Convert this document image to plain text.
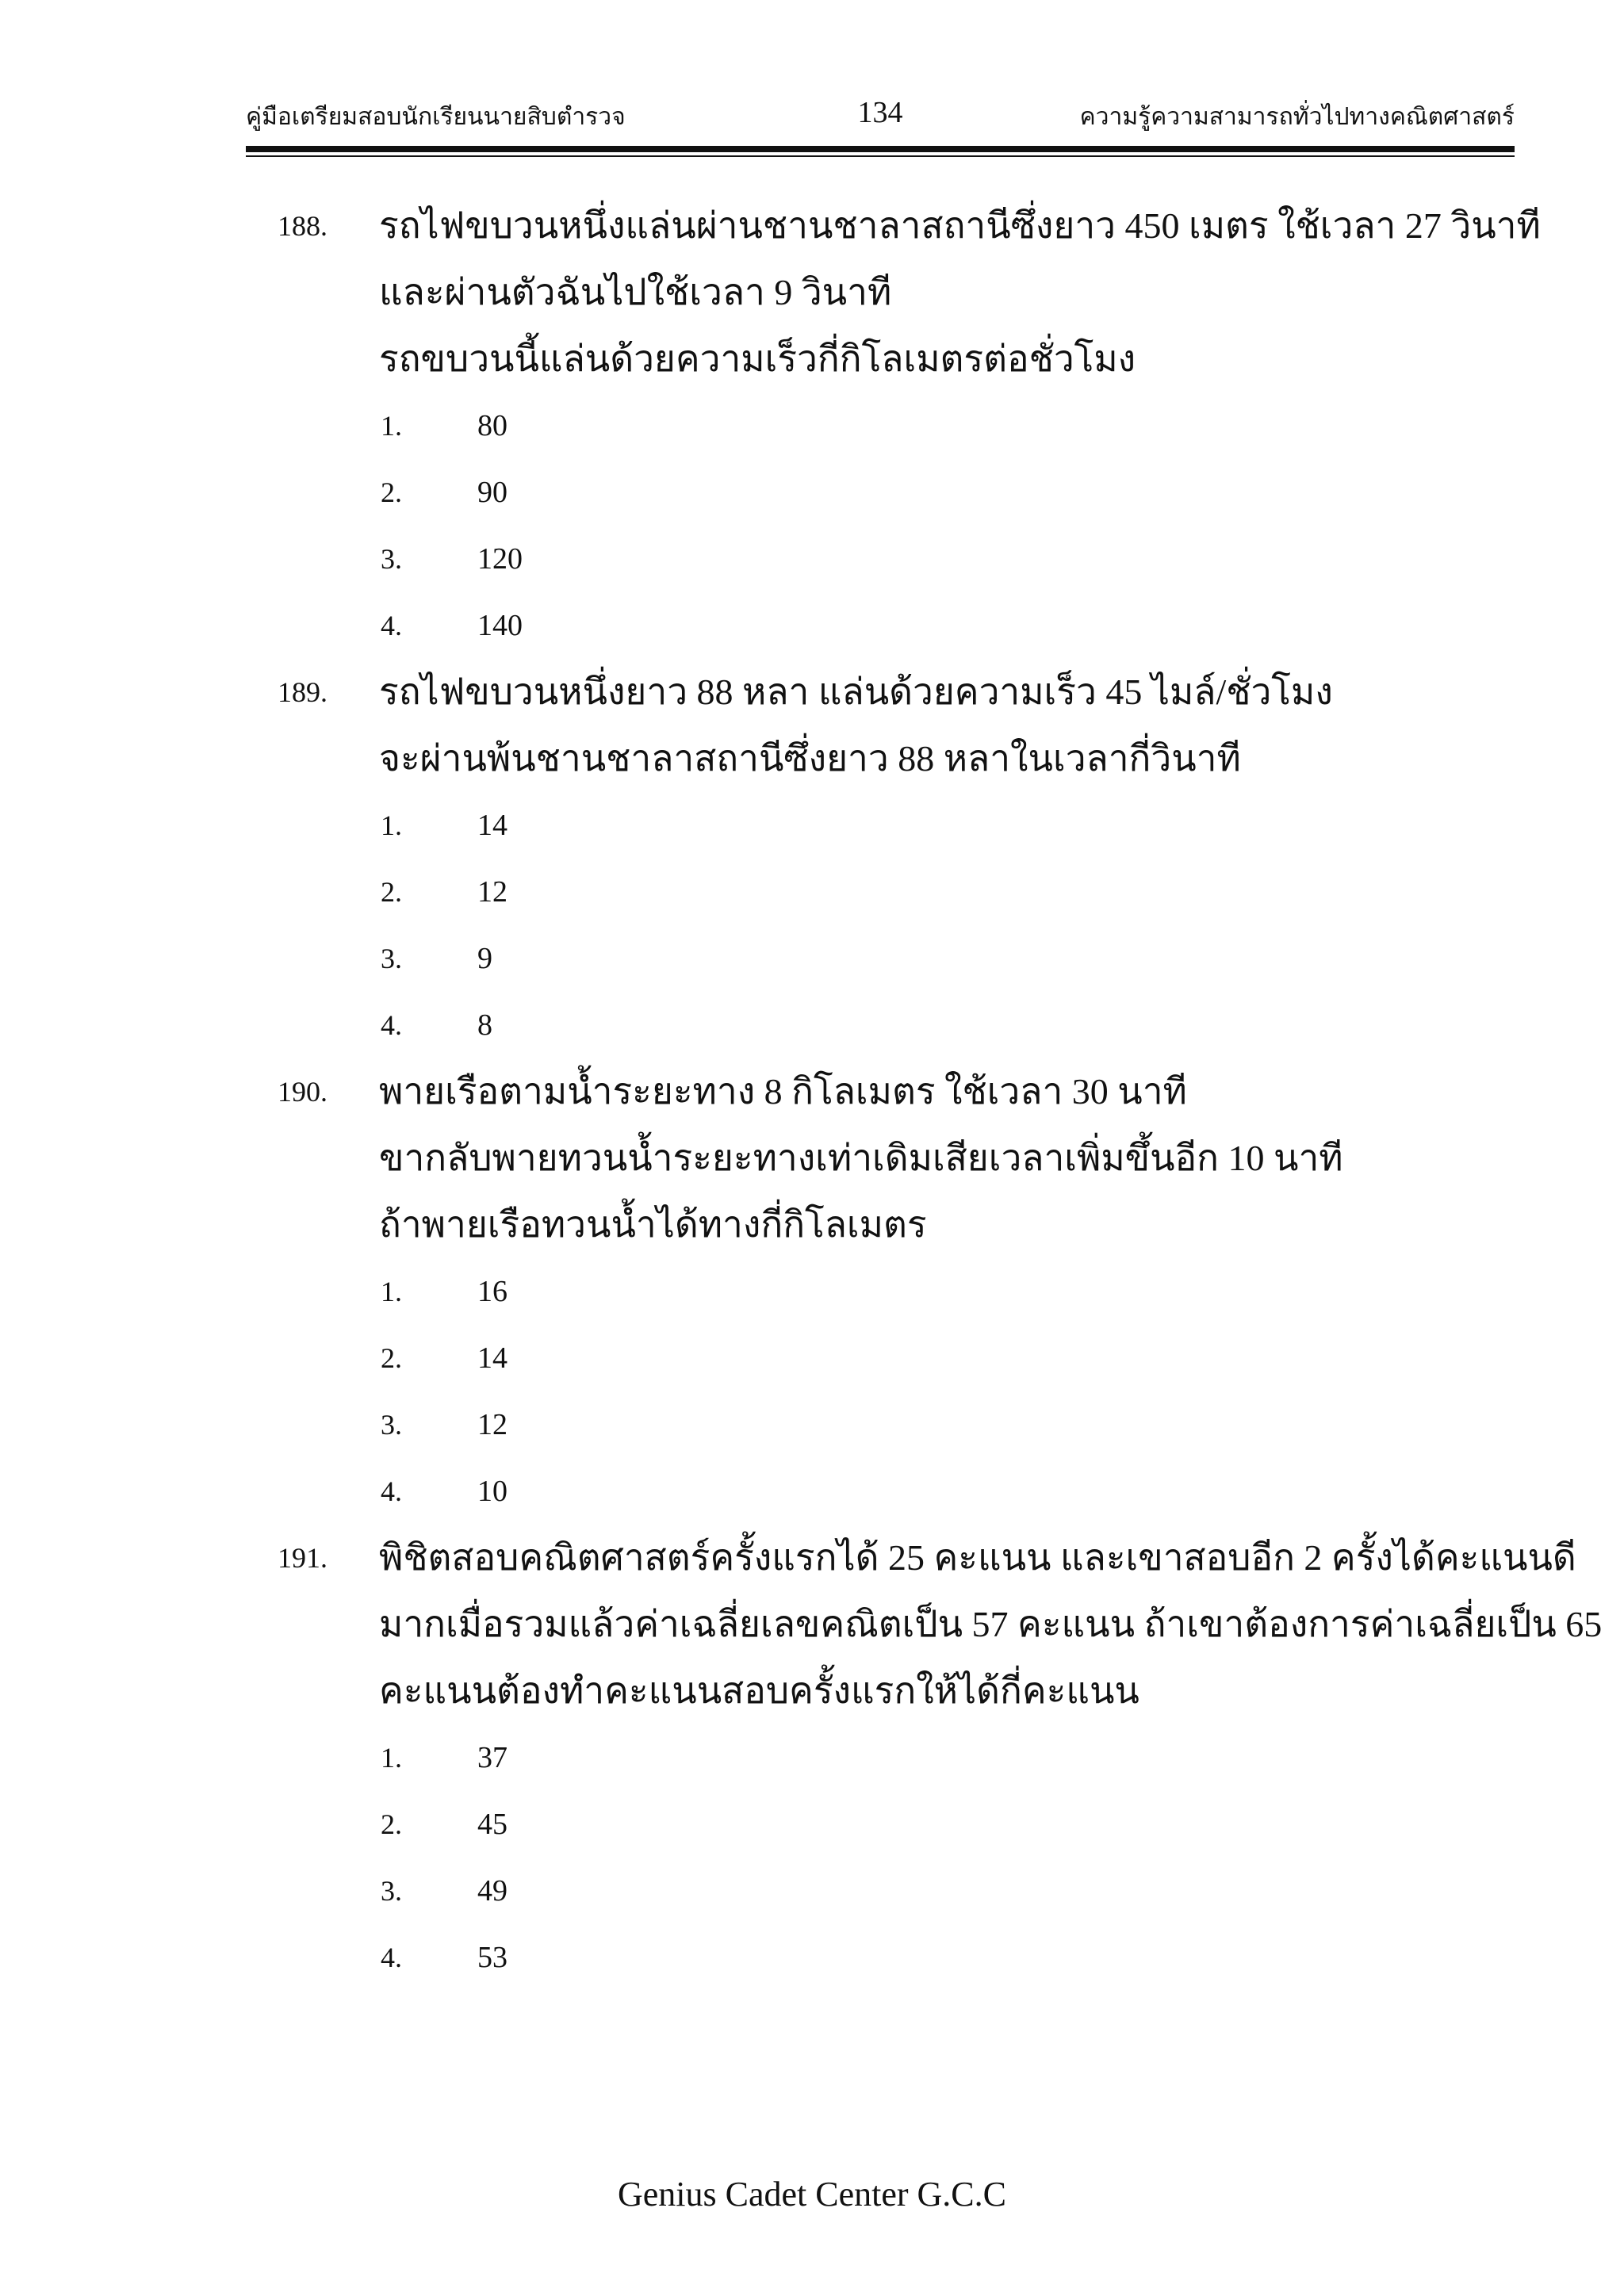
คู่มือเตรียมสอบนักเรียนนายสิบตำรวจ	134	ความรู้ความสามารถทั่วไปทางคณิตศาสตร์
188. รถไฟขบวนหนึ่งแล่นผ่านชานชาลาสถานีซึ่งยาว 450 เมตร ใช้เวลา 27 วินาที
และผ่านตัวฉันไปใช้เวลา 9 วินาที
รถขบวนนี้แล่นด้วยความเร็วกี่กิโลเมตรต่อชั่วโมง
1.	80
2.	90
3.	120
4.	140
189. รถไฟขบวนหนึ่งยาว 88 หลา แล่นด้วยความเร็ว 45 ไมล์/ชั่วโมง
จะผ่านพ้นชานชาลาสถานีซึ่งยาว 88 หลาในเวลากี่วินาที
1.	14
2.	12
3.	9
4.	8
190. พายเรือตามน้ำระยะทาง 8 กิโลเมตร ใช้เวลา 30 นาที
ขากลับพายทวนน้ำระยะทางเท่าเดิมเสียเวลาเพิ่มขึ้นอีก 10 นาที
ถ้าพายเรือทวนน้ำได้ทางกี่กิโลเมตร
1.	16
2.	14
3.	12
4.	10
191. พิชิตสอบคณิตศาสตร์ครั้งแรกได้ 25 คะแนน และเขาสอบอีก 2 ครั้งได้คะแนนดี
มากเมื่อรวมแล้วค่าเฉลี่ยเลขคณิตเป็น 57 คะแนน ถ้าเขาต้องการค่าเฉลี่ยเป็น 65
คะแนนต้องทำคะแนนสอบครั้งแรกให้ได้กี่คะแนน
1.	37
2.	45
3.	49
4.	53
Genius Cadet Center G.C.C
